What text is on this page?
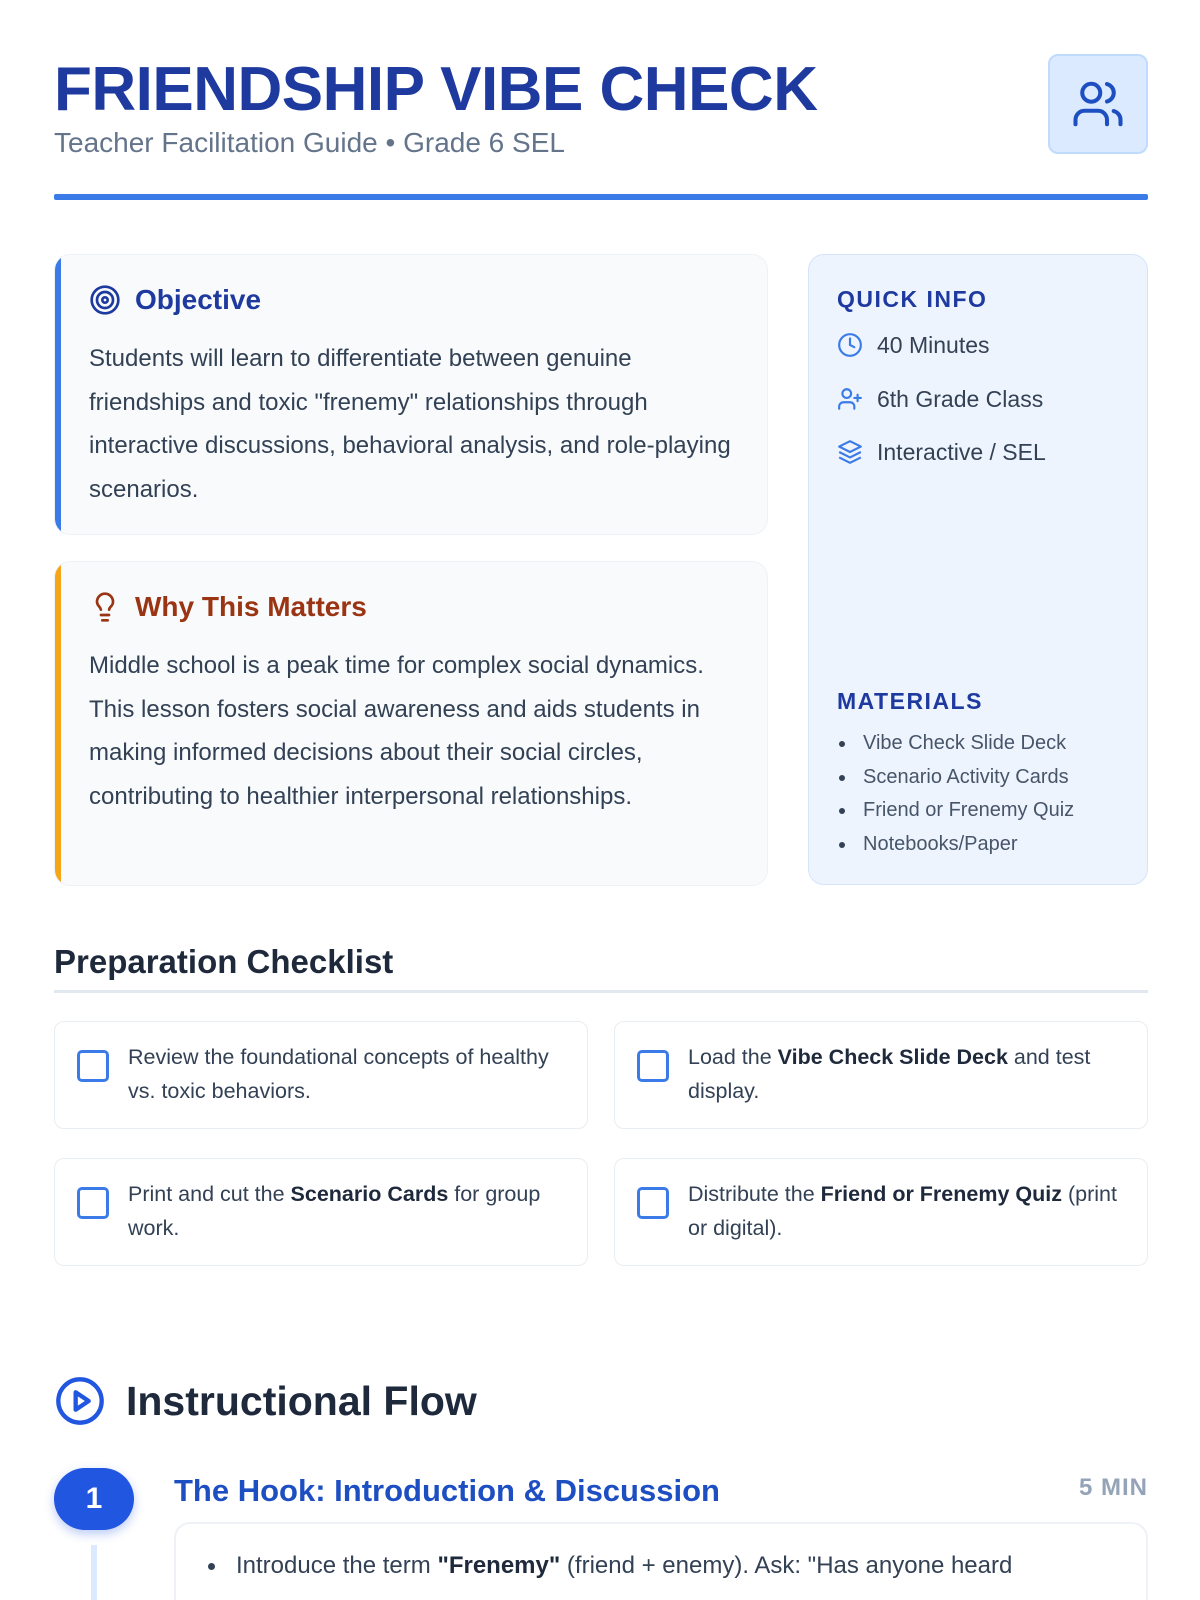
FRIENDSHIP VIBE CHECK
Teacher Facilitation Guide • Grade 6 SEL
Objective
Students will learn to differentiate between genuine friendships and toxic "frenemy" relationships through interactive discussions, behavioral analysis, and role-playing scenarios.
Why This Matters
Middle school is a peak time for complex social dynamics. This lesson fosters social awareness and aids students in making informed decisions about their social circles, contributing to healthier interpersonal relationships.
QUICK INFO
40 Minutes
6th Grade Class
Interactive / SEL
MATERIALS
Vibe Check Slide Deck
Scenario Activity Cards
Friend or Frenemy Quiz
Notebooks/Paper
Preparation Checklist
Review the foundational concepts of healthy vs. toxic behaviors.
Load the Vibe Check Slide Deck and test display.
Print and cut the Scenario Cards for group work.
Distribute the Friend or Frenemy Quiz (print or digital).
Instructional Flow
1	The Hook: Introduction & Discussion	5 MIN
Introduce the term "Frenemy" (friend + enemy). Ask: "Has anyone heard
